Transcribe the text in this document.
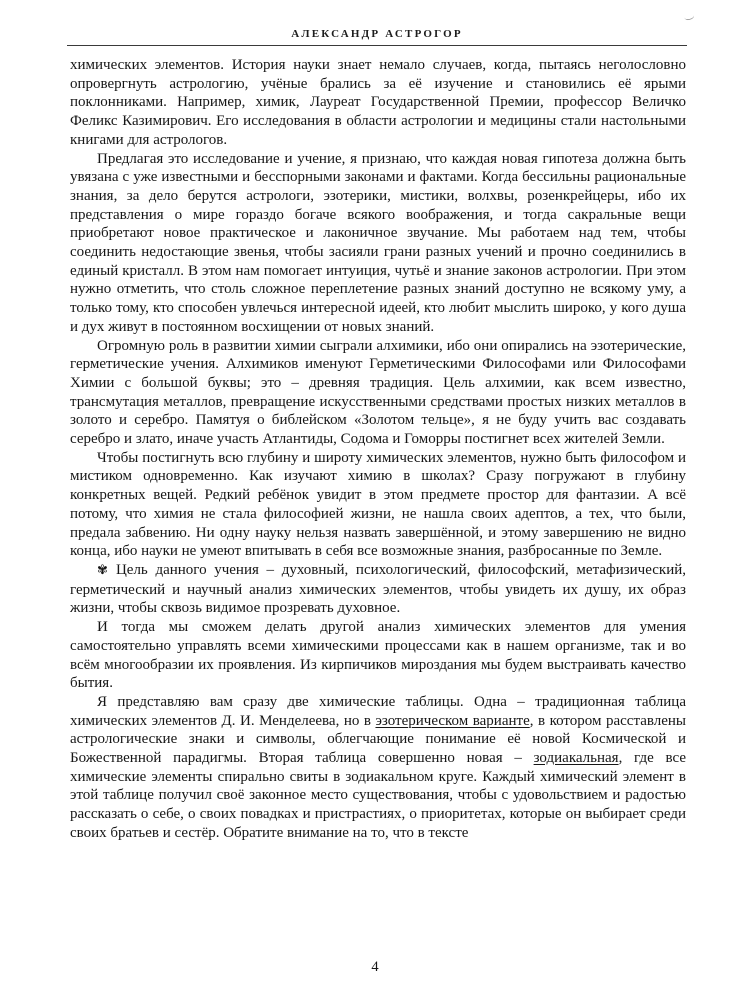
АЛЕКСАНДР АСТРОГОР

химических элементов. История науки знает немало случаев, когда, пытаясь неголословно опровергнуть астрологию, учёные брались за её изучение и становились её ярыми поклонниками. Например, химик, Лауреат Государственной Премии, профессор Величко Феликс Казимирович. Его исследования в области астрологии и медицины стали настольными книгами для астрологов.

Предлагая это исследование и учение, я признаю, что каждая новая гипотеза должна быть увязана с уже известными и бесспорными законами и фактами. Когда бессильны рациональные знания, за дело берутся астрологи, эзотерики, мистики, волхвы, розенкрейцеры, ибо их представления о мире гораздо богаче всякого воображения, и тогда сакральные вещи приобретают новое практическое и лаконичное звучание. Мы работаем над тем, чтобы соединить недостающие звенья, чтобы засияли грани разных учений и прочно соединились в единый кристалл. В этом нам помогает интуиция, чутьё и знание законов астрологии. При этом нужно отметить, что столь сложное переплетение разных знаний доступно не всякому уму, а только тому, кто способен увлечься интересной идеей, кто любит мыслить широко, у кого душа и дух живут в постоянном восхищении от новых знаний.

Огромную роль в развитии химии сыграли алхимики, ибо они опирались на эзотерические, герметические учения. Алхимиков именуют Герметическими Философами или Философами Химии с большой буквы; это – древняя традиция. Цель алхимии, как всем известно, трансмутация металлов, превращение искусственными средствами простых низких металлов в золото и серебро. Памятуя о библейском «Золотом тельце», я не буду учить вас создавать серебро и злато, иначе участь Атлантиды, Содома и Гоморры постигнет всех жителей Земли.

Чтобы постигнуть всю глубину и широту химических элементов, нужно быть философом и мистиком одновременно. Как изучают химию в школах? Сразу погружают в глубину конкретных вещей. Редкий ребёнок увидит в этом предмете простор для фантазии. А всё потому, что химия не стала философией жизни, не нашла своих адептов, а тех, что были, предала забвению. Ни одну науку нельзя назвать завершённой, и этому завершению не видно конца, ибо науки не умеют впитывать в себя все возможные знания, разбросанные по Земле.

✾ Цель данного учения – духовный, психологический, философский, метафизический, герметический и научный анализ химических элементов, чтобы увидеть их душу, их образ жизни, чтобы сквозь видимое прозревать духовное.

И тогда мы сможем делать другой анализ химических элементов для умения самостоятельно управлять всеми химическими процессами как в нашем организме, так и во всём многообразии их проявления. Из кирпичиков мироздания мы будем выстраивать качество бытия.

Я представляю вам сразу две химические таблицы. Одна – традиционная таблица химических элементов Д. И. Менделеева, но в эзотерическом варианте, в котором расставлены астрологические знаки и символы, облегчающие понимание её новой Космической и Божественной парадигмы. Вторая таблица совершенно новая – зодиакальная, где все химические элементы спирально свиты в зодиакальном круге. Каждый химический элемент в этой таблице получил своё законное место существования, чтобы с удовольствием и радостью рассказать о себе, о своих повадках и пристрастиях, о приоритетах, которые он выбирает среди своих братьев и сестёр. Обратите внимание на то, что в тексте

4
